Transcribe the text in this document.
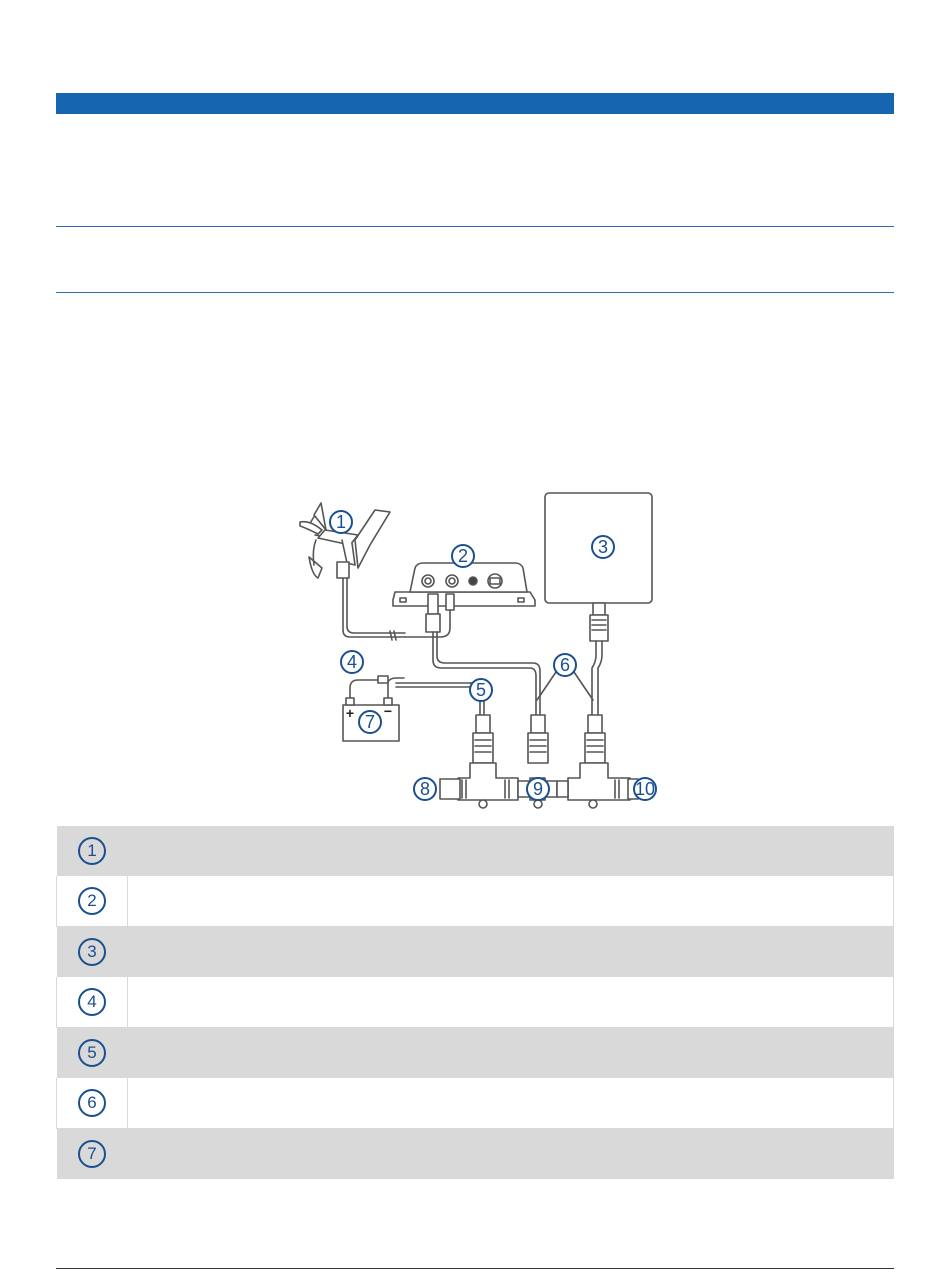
+ −
1
2	3
4
5
6
7
8	9	10
1	
2	
3	
4	
5	
6	
7	
